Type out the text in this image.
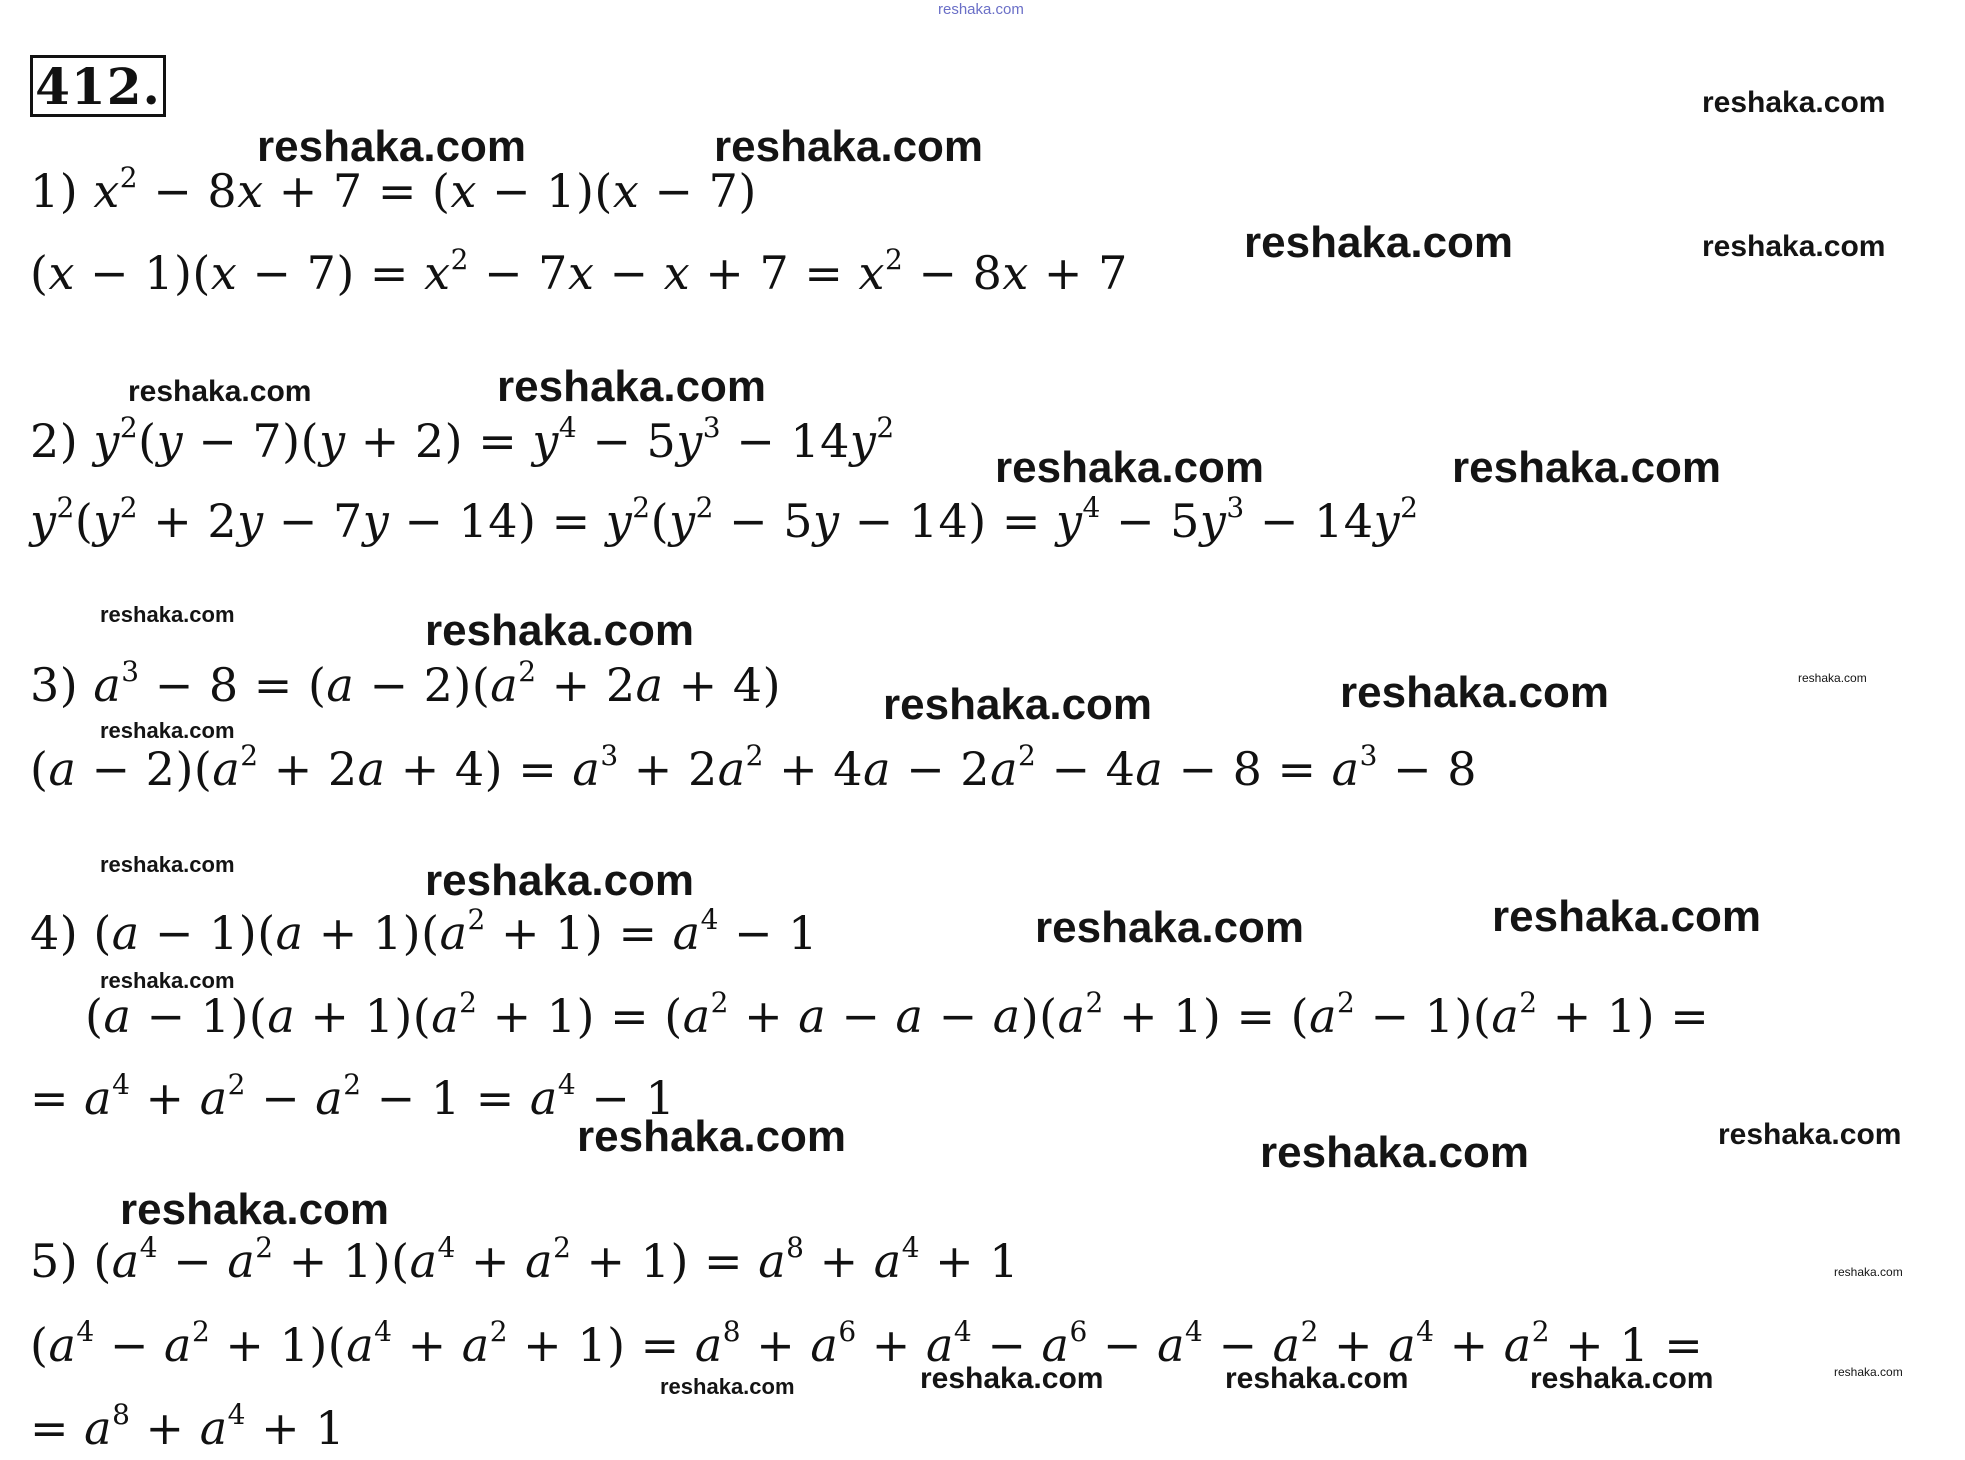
reshaka.com
412.	reshaka.com
reshaka.com	reshaka.com
reshaka.com	reshaka.com
reshaka.com	reshaka.com
reshaka.com	reshaka.com
reshaka.com	reshaka.com
reshaka.com	reshaka.com	reshaka.com
reshaka.com
reshaka.com	reshaka.com
reshaka.com	reshaka.com
reshaka.com
reshaka.com	reshaka.com	reshaka.com
reshaka.com
reshaka.com
reshaka.com
reshaka.com	reshaka.com	reshaka.com	reshaka.com
1) $x^2 - 8x + 7 = (x - 1)(x - 7)$
$(x - 1)(x - 7) = x^2 - 7x - x + 7 = x^2 - 8x + 7$
2) $y^2(y - 7)(y + 2) = y^4 - 5y^3 - 14y^2$
$y^2(y^2 + 2y - 7y - 14) = y^2(y^2 - 5y - 14) = y^4 - 5y^3 - 14y^2$
3) $a^3 - 8 = (a - 2)(a^2 + 2a + 4)$
$(a - 2)(a^2 + 2a + 4) = a^3 + 2a^2 + 4a - 2a^2 - 4a - 8 = a^3 - 8$
4) $(a - 1)(a + 1)(a^2 + 1) = a^4 - 1$
$(a - 1)(a + 1)(a^2 + 1) = (a^2 + a - a - a)(a^2 + 1) = (a^2 - 1)(a^2 + 1)$ =
= $a^4 + a^2 - a^2 - 1 = a^4 - 1$
5) $(a^4 - a^2 + 1)(a^4 + a^2 + 1) = a^8 + a^4 + 1$
$(a^4 - a^2 + 1)(a^4 + a^2 + 1) = a^8 + a^6 + a^4 - a^6 - a^4 - a^2 + a^4 + a^2 + 1$ =
= $a^8 + a^4 + 1$
